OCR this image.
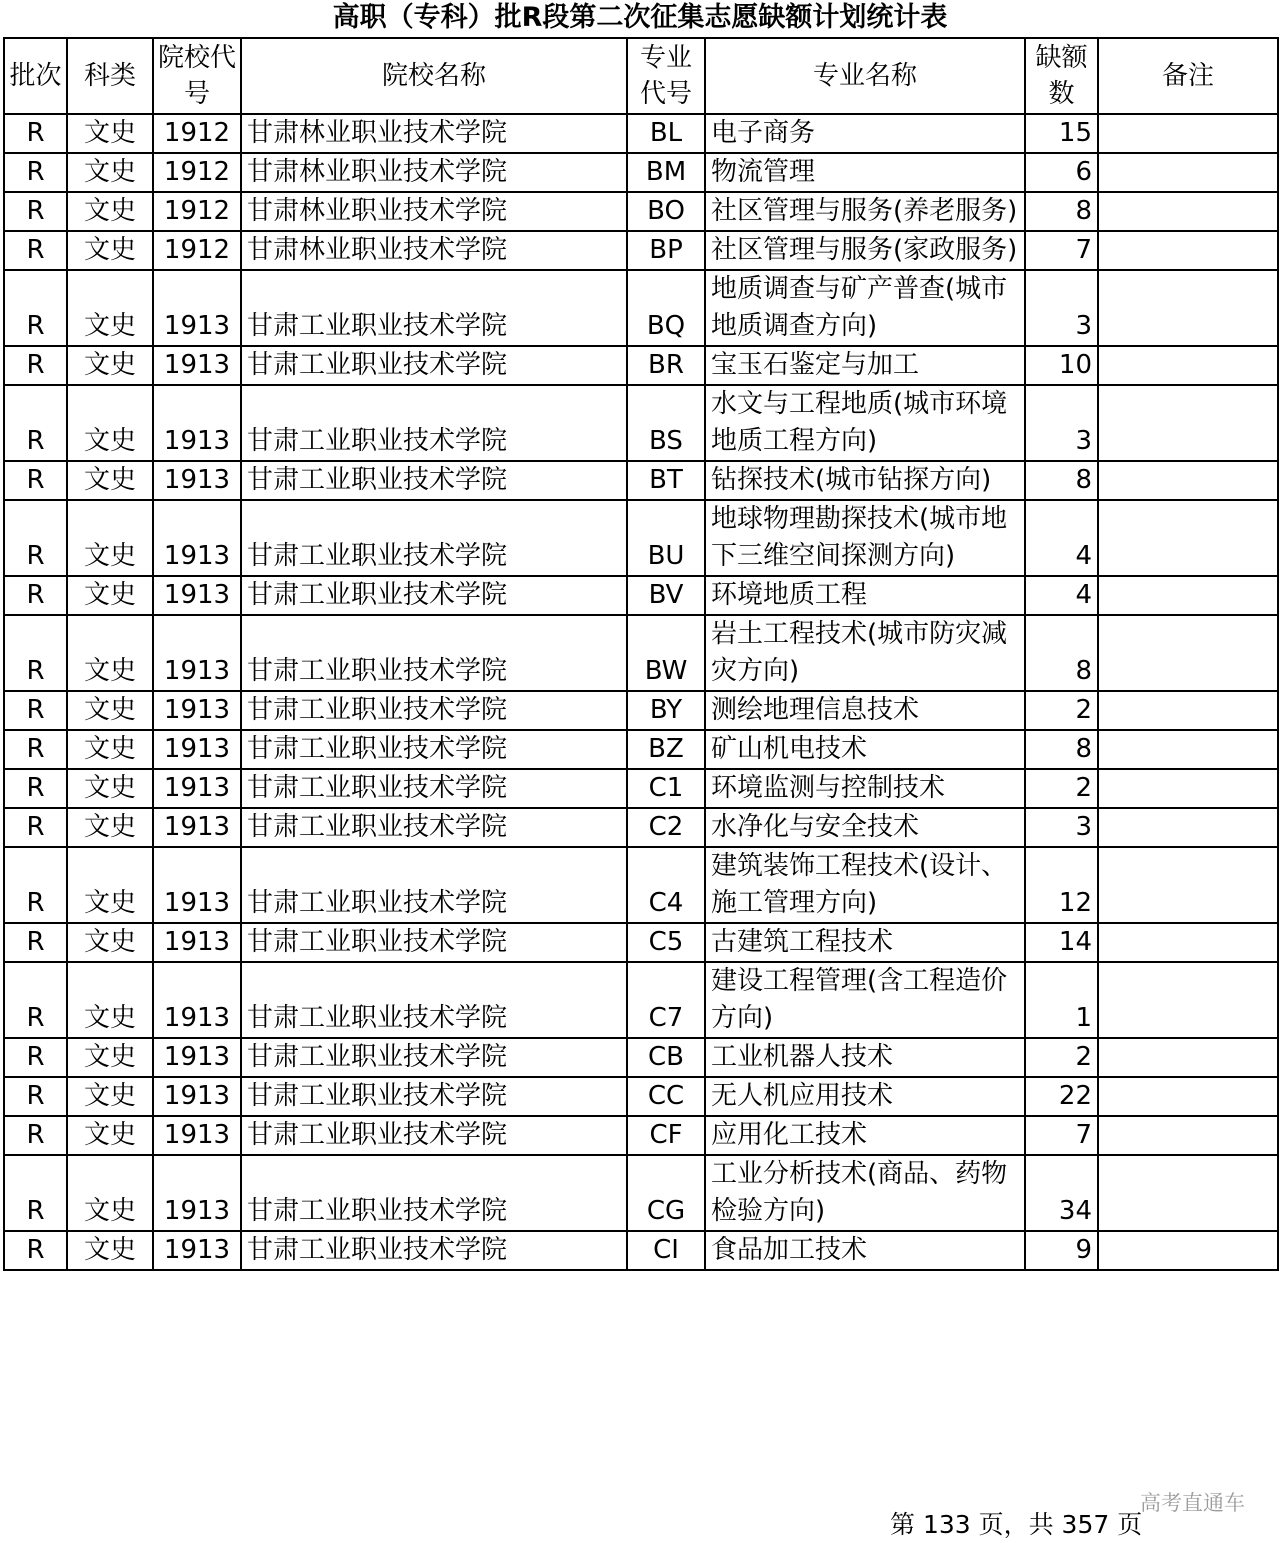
高职（专科）批R段第二次征集志愿缺额计划统计表
批次	科类	院校代号	院校名称	专业代号	专业名称	缺额数	备注
R	文史	1912	甘肃林业职业技术学院	BL	电子商务	15	
R	文史	1912	甘肃林业职业技术学院	BM	物流管理	6	
R	文史	1912	甘肃林业职业技术学院	BO	社区管理与服务(养老服务)	8	
R	文史	1912	甘肃林业职业技术学院	BP	社区管理与服务(家政服务)	7	
R	文史	1913	甘肃工业职业技术学院	BQ	地质调查与矿产普查(城市地质调查方向)	3	
R	文史	1913	甘肃工业职业技术学院	BR	宝玉石鉴定与加工	10	
R	文史	1913	甘肃工业职业技术学院	BS	水文与工程地质(城市环境地质工程方向)	3	
R	文史	1913	甘肃工业职业技术学院	BT	钻探技术(城市钻探方向)	8	
R	文史	1913	甘肃工业职业技术学院	BU	地球物理勘探技术(城市地下三维空间探测方向)	4	
R	文史	1913	甘肃工业职业技术学院	BV	环境地质工程	4	
R	文史	1913	甘肃工业职业技术学院	BW	岩土工程技术(城市防灾减灾方向)	8	
R	文史	1913	甘肃工业职业技术学院	BY	测绘地理信息技术	2	
R	文史	1913	甘肃工业职业技术学院	BZ	矿山机电技术	8	
R	文史	1913	甘肃工业职业技术学院	C1	环境监测与控制技术	2	
R	文史	1913	甘肃工业职业技术学院	C2	水净化与安全技术	3	
R	文史	1913	甘肃工业职业技术学院	C4	建筑装饰工程技术(设计、施工管理方向)	12	
R	文史	1913	甘肃工业职业技术学院	C5	古建筑工程技术	14	
R	文史	1913	甘肃工业职业技术学院	C7	建设工程管理(含工程造价方向)	1	
R	文史	1913	甘肃工业职业技术学院	CB	工业机器人技术	2	
R	文史	1913	甘肃工业职业技术学院	CC	无人机应用技术	22	
R	文史	1913	甘肃工业职业技术学院	CF	应用化工技术	7	
R	文史	1913	甘肃工业职业技术学院	CG	工业分析技术(商品、药物检验方向)	34	
R	文史	1913	甘肃工业职业技术学院	CI	食品加工技术	9	
高考直通车
第 133 页，共 357 页
